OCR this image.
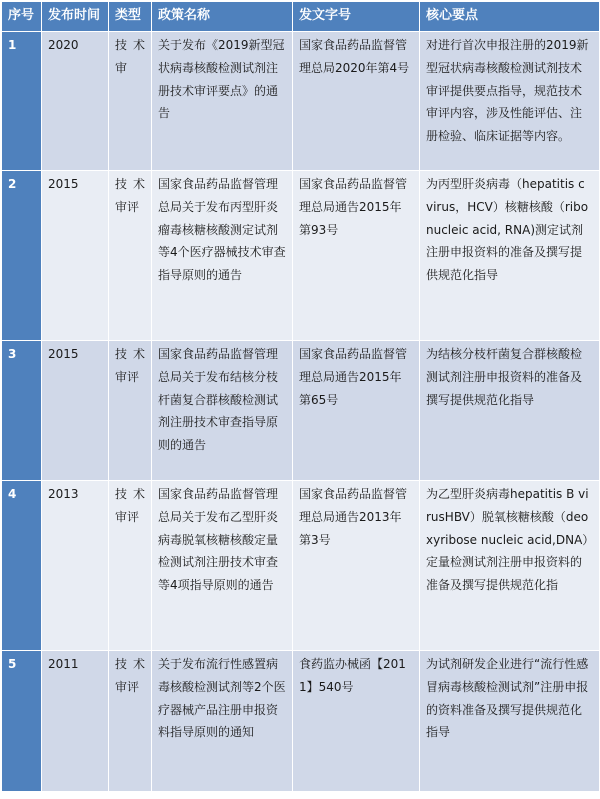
序号	发布时间	类型	政策名称	发文字号	核心要点
1	2020	技术审	关于发布《2019新型冠状病毒核酸检测试剂注册技术审评要点》的通告	国家食品药品监督管理总局2020年第4号	对进行首次申报注册的2019新型冠状病毒核酸检测试剂技术审评提供要点指导，规范技术审评内容，涉及性能评估、注册检验、临床证据等内容。
2	2015	技术审评	国家食品药品监督管理总局关于发布丙型肝炎瘤毒核糖核酸测定试剂等4个医疗器械技术审查指导原则的通告	国家食品药品监督管理总局通告2015年第93号	为丙型肝炎病毒（hepatitis c virus，HCV）核糖核酸（ribonucleic acid, RNA)测定试剂注册申报资料的准备及撰写提供规范化指导
3	2015	技术审评	国家食品药品监督管理总局关于发布结核分枝杆菌复合群核酸检测试剂注册技术审查指导原则的通告	国家食品药品监督管理总局通告2015年第65号	为结核分枝杆菌复合群核酸检测试剂注册申报资料的准备及撰写提供规范化指导
4	2013	技术审评	国家食品药品监督管理总局关于发布乙型肝炎病毒脱氧核糖核酸定量检测试剂注册技术审查等4项指导原则的通告	国家食品药品监督管理总局通告2013年第3号	为乙型肝炎病毒hepatitis B virusHBV）脱氧核糖核酸（deoxyribose nucleic acid,DNA）定量检测试剂注册申报资料的准备及撰写提供规范化指
5	2011	技术审评	关于发布流行性感置病毒核酸检测试剂等2个医疗器械产品注册申报资料指导原则的通知	食药监办械函【2011】540号	为试剂研发企业进行“流行性感冒病毒核酸检测试剂”注册申报的资料准备及撰写提供规范化指导
